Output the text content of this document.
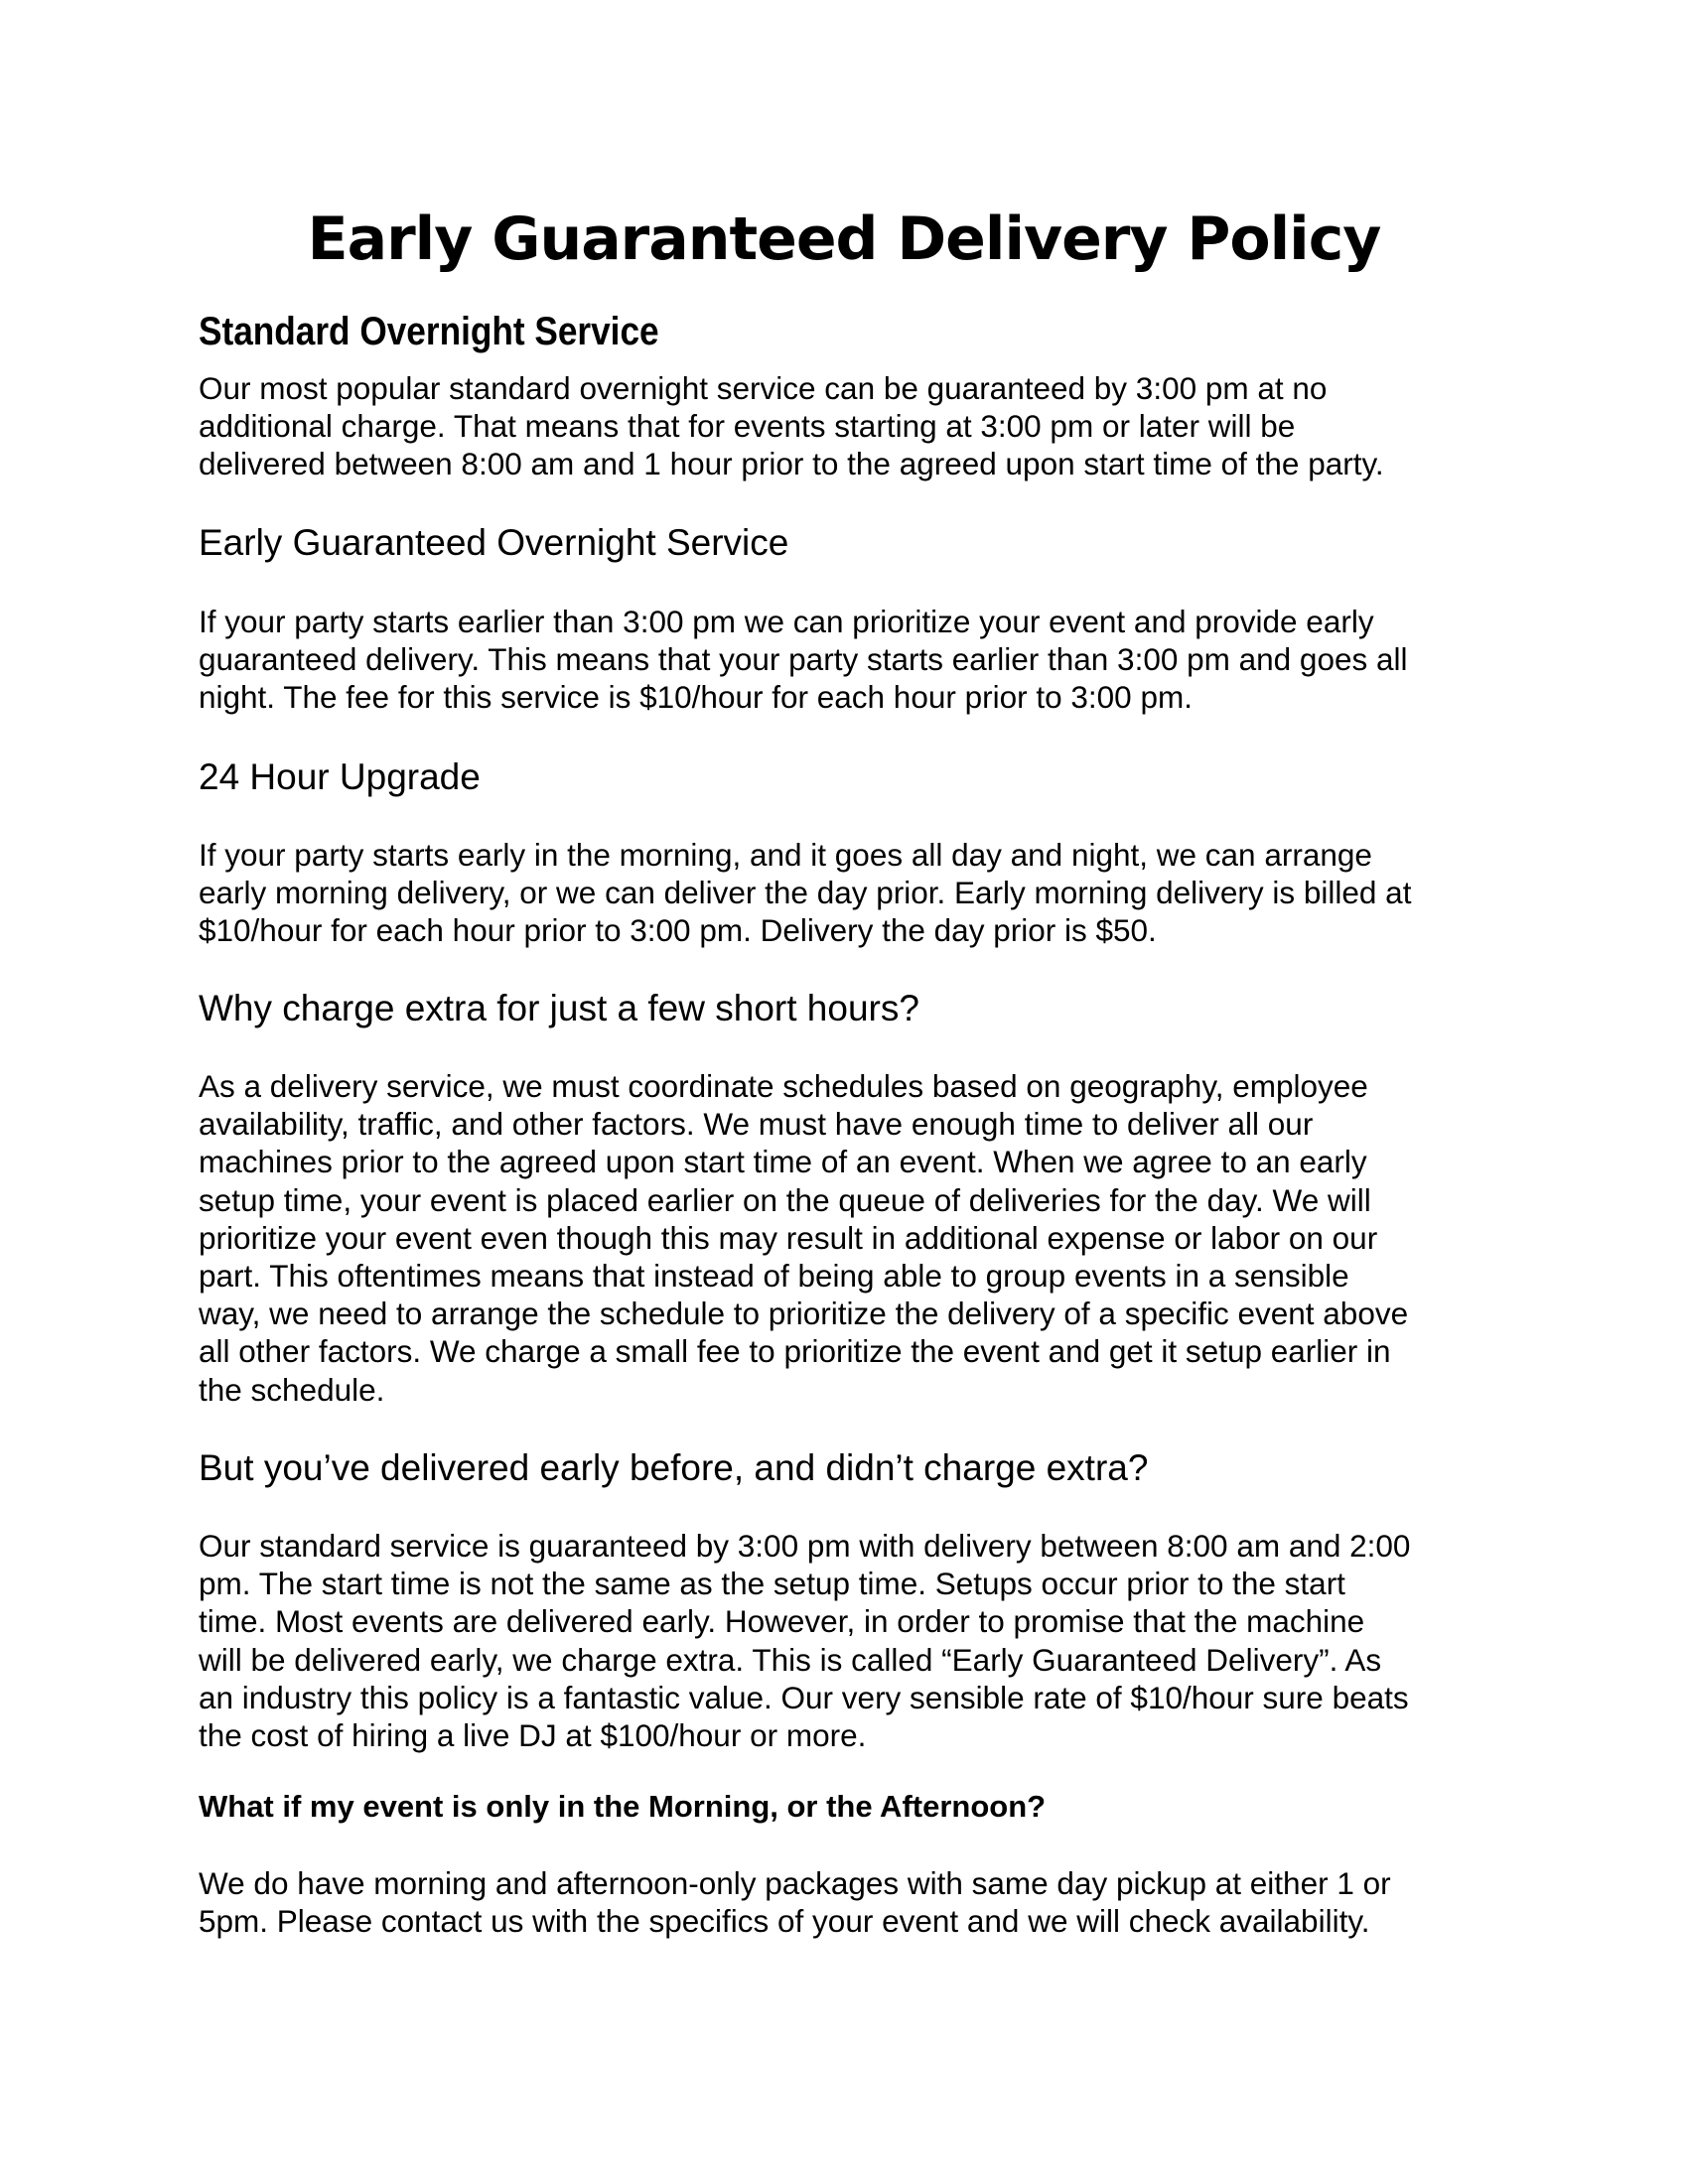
Early Guaranteed Delivery Policy
Standard Overnight Service

Our most popular standard overnight service can be guaranteed by 3:00 pm at no
additional charge. That means that for events starting at 3:00 pm or later will be
delivered between 8:00 am and 1 hour prior to the agreed upon start time of the party.

Early Guaranteed Overnight Service

If your party starts earlier than 3:00 pm we can prioritize your event and provide early
guaranteed delivery. This means that your party starts earlier than 3:00 pm and goes all
night. The fee for this service is $10/hour for each hour prior to 3:00 pm.

24 Hour Upgrade

If your party starts early in the morning, and it goes all day and night, we can arrange
early morning delivery, or we can deliver the day prior. Early morning delivery is billed at
$10/hour for each hour prior to 3:00 pm. Delivery the day prior is $50.

Why charge extra for just a few short hours?

As a delivery service, we must coordinate schedules based on geography, employee
availability, traffic, and other factors. We must have enough time to deliver all our
machines prior to the agreed upon start time of an event. When we agree to an early
setup time, your event is placed earlier on the queue of deliveries for the day. We will
prioritize your event even though this may result in additional expense or labor on our
part. This oftentimes means that instead of being able to group events in a sensible
way, we need to arrange the schedule to prioritize the delivery of a specific event above
all other factors. We charge a small fee to prioritize the event and get it setup earlier in
the schedule.

But you’ve delivered early before, and didn’t charge extra?

Our standard service is guaranteed by 3:00 pm with delivery between 8:00 am and 2:00
pm. The start time is not the same as the setup time. Setups occur prior to the start
time. Most events are delivered early. However, in order to promise that the machine
will be delivered early, we charge extra. This is called “Early Guaranteed Delivery”. As
an industry this policy is a fantastic value. Our very sensible rate of $10/hour sure beats
the cost of hiring a live DJ at $100/hour or more.

What if my event is only in the Morning, or the Afternoon?

We do have morning and afternoon-only packages with same day pickup at either 1 or
5pm. Please contact us with the specifics of your event and we will check availability.
